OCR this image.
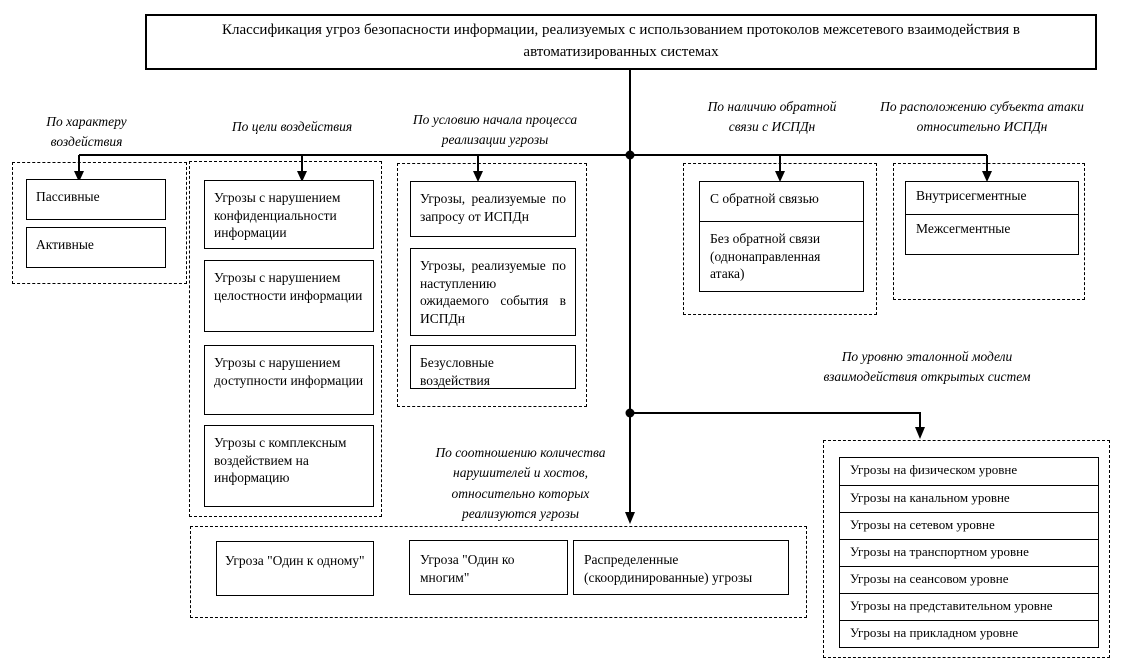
Классификация угроз безопасности информации, реализуемых с использованием протоколов межсетевого взаимодействия в автоматизированных системах
По характеру воздействия
По цели воздействия	По условию начала процесса реализации угрозы
По наличию обратной связи с ИСПДн
По расположению субъекта атаки относительно ИСПДн
По уровню эталонной модели взаимодействия открытых систем
По соотношению количества нарушителей и хостов, относительно которых реализуются угрозы
Пассивные
Активные
Угрозы с нарушением конфиденциальности информации
Угрозы с нарушением целостности информации
Угрозы с нарушением доступности информации
Угрозы с комплексным воздействием на информацию
Угрозы, реализуемые по запросу от ИСПДн
Угрозы, реализуемые по наступлению ожидаемого события в ИСПДн
Безусловные воздействия
С обратной связью
Без обратной связи (однонаправленная атака)
Внутрисегментные
Межсегментные
Угрозы на физическом уровне
Угрозы на канальном уровне
Угрозы на сетевом уровне
Угрозы на транспортном уровне
Угрозы на сеансовом уровне
Угрозы на представительном уровне
Угрозы на прикладном уровне
Угроза "Один к одному"	Угроза "Один ко многим"
Распределенные (скоординированные) угрозы
